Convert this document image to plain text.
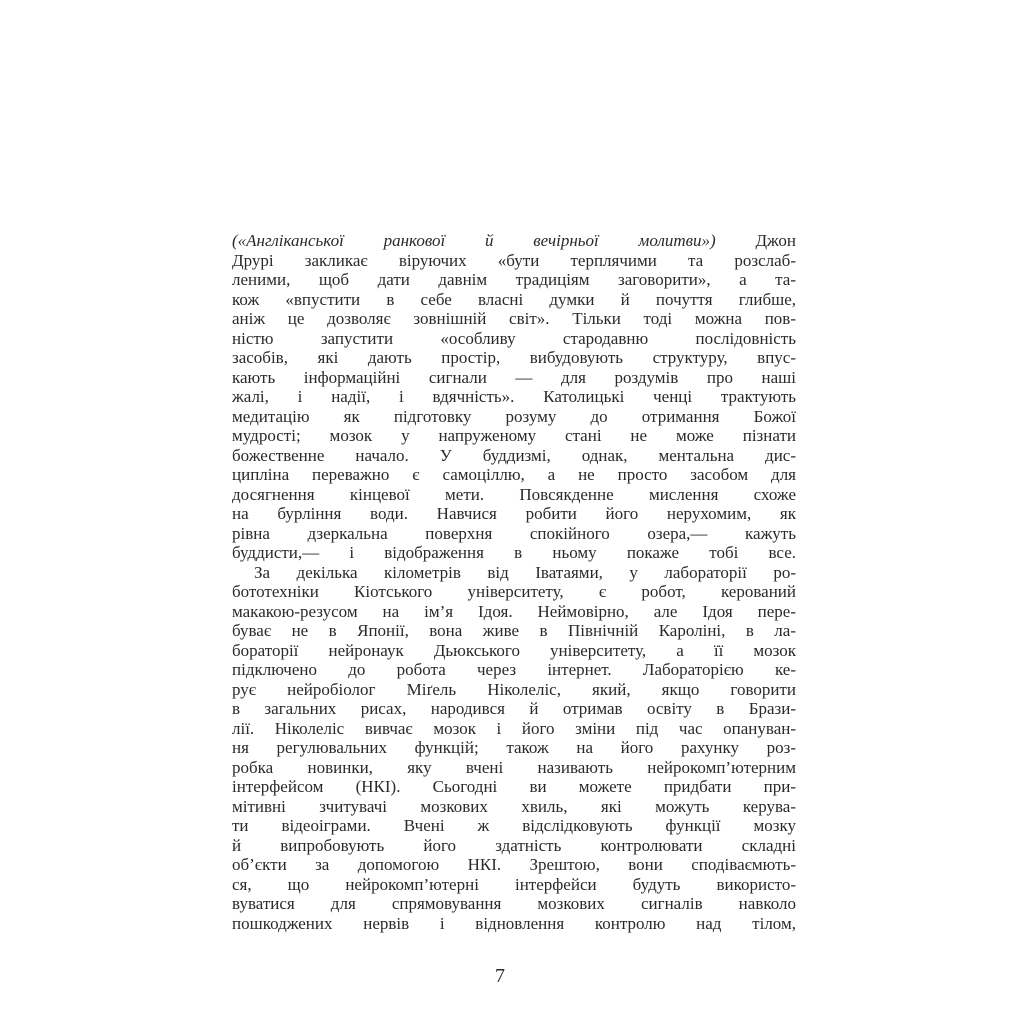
(«Англіканської ранкової й вечірньої молитви») Джон
Друрі закликає віруючих «бути терплячими та розслаб-
леними, щоб дати давнім традиціям заговорити», а та-
кож «впустити в себе власні думки й почуття глибше,
аніж це дозволяє зовнішній світ». Тільки тоді можна пов-
ністю запустити «особливу стародавню послідовність
засобів, які дають простір, вибудовують структуру, впус-
кають інформаційні сигнали — для роздумів про наші
жалі, і надії, і вдячність». Католицькі ченці трактують
медитацію як підготовку розуму до отримання Божої
мудрості; мозок у напруженому стані не може пізнати
божественне начало. У буддизмі, однак, ментальна дис-
ципліна переважно є самоціллю, а не просто засобом для
досягнення кінцевої мети. Повсякденне мислення схоже
на бурління води. Навчися робити його нерухомим, як
рівна дзеркальна поверхня спокійного озера,— кажуть
буддисти,— і відображення в ньому покаже тобі все.
За декілька кілометрів від Іватаями, у лабораторії ро-
бототехніки Кіотського університету, є робот, керований
макакою-резусом на ім’я Ідоя. Неймовірно, але Ідоя пере-
буває не в Японії, вона живе в Північній Кароліні, в ла-
бораторії нейронаук Дьюкського університету, а її мозок
підключено до робота через інтернет. Лабораторією ке-
рує нейробіолог Міґель Ніколеліс, який, якщо говорити
в загальних рисах, народився й отримав освіту в Брази-
лії. Ніколеліс вивчає мозок і його зміни під час опануван-
ня регулювальних функцій; також на його рахунку роз-
робка новинки, яку вчені називають нейрокомп’ютерним
інтерфейсом (НКІ). Сьогодні ви можете придбати при-
мітивні зчитувачі мозкових хвиль, які можуть керува-
ти відеоіграми. Вчені ж відслідковують функції мозку
й випробовують його здатність контролювати складні
об’єкти за допомогою НКІ. Зрештою, вони сподіваємють-
ся, що нейрокомп’ютерні інтерфейси будуть використо-
вуватися для спрямовування мозкових сигналів навколо
пошкоджених нервів і відновлення контролю над тілом,
7
